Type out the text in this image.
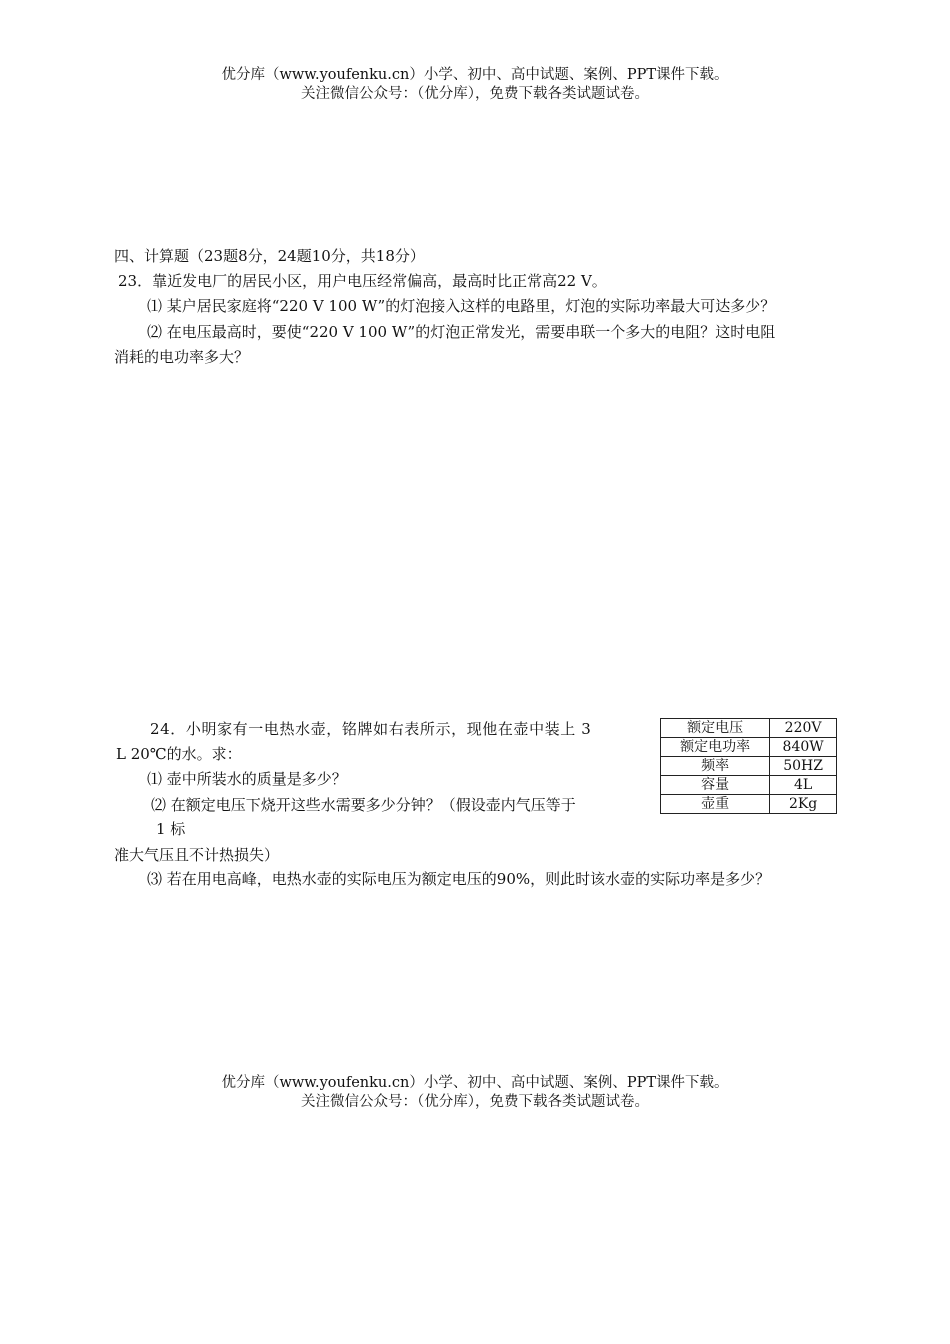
优分库（www.youfenku.cn）小学、初中、高中试题、案例、PPT课件下载。
关注微信公众号：（优分库），免费下载各类试题试卷。
四、计算题（23题8分，24题10分，共18分）
23．靠近发电厂的居民小区，用户电压经常偏高，最高时比正常高22 V。
⑴ 某户居民家庭将“220 V 100 W”的灯泡接入这样的电路里，灯泡的实际功率最大可达多少？
⑵ 在电压最高时，要使“220 V 100 W”的灯泡正常发光，需要串联一个多大的电阻？这时电阻
消耗的电功率多大？
24．小明家有一电热水壶，铭牌如右表所示，现他在壶中装上 3
L 20℃的水。求：
⑴ 壶中所装水的质量是多少？
⑵ 在额定电压下烧开这些水需要多少分钟？（假设壶内气压等于
1 标
准大气压且不计热损失）
⑶ 若在用电高峰，电热水壶的实际电压为额定电压的90%，则此时该水壶的实际功率是多少？
额定电压	220V
额定电功率	840W
频率	50HZ
容量	4L
壶重	2Kg
优分库（www.youfenku.cn）小学、初中、高中试题、案例、PPT课件下载。
关注微信公众号：（优分库），免费下载各类试题试卷。
